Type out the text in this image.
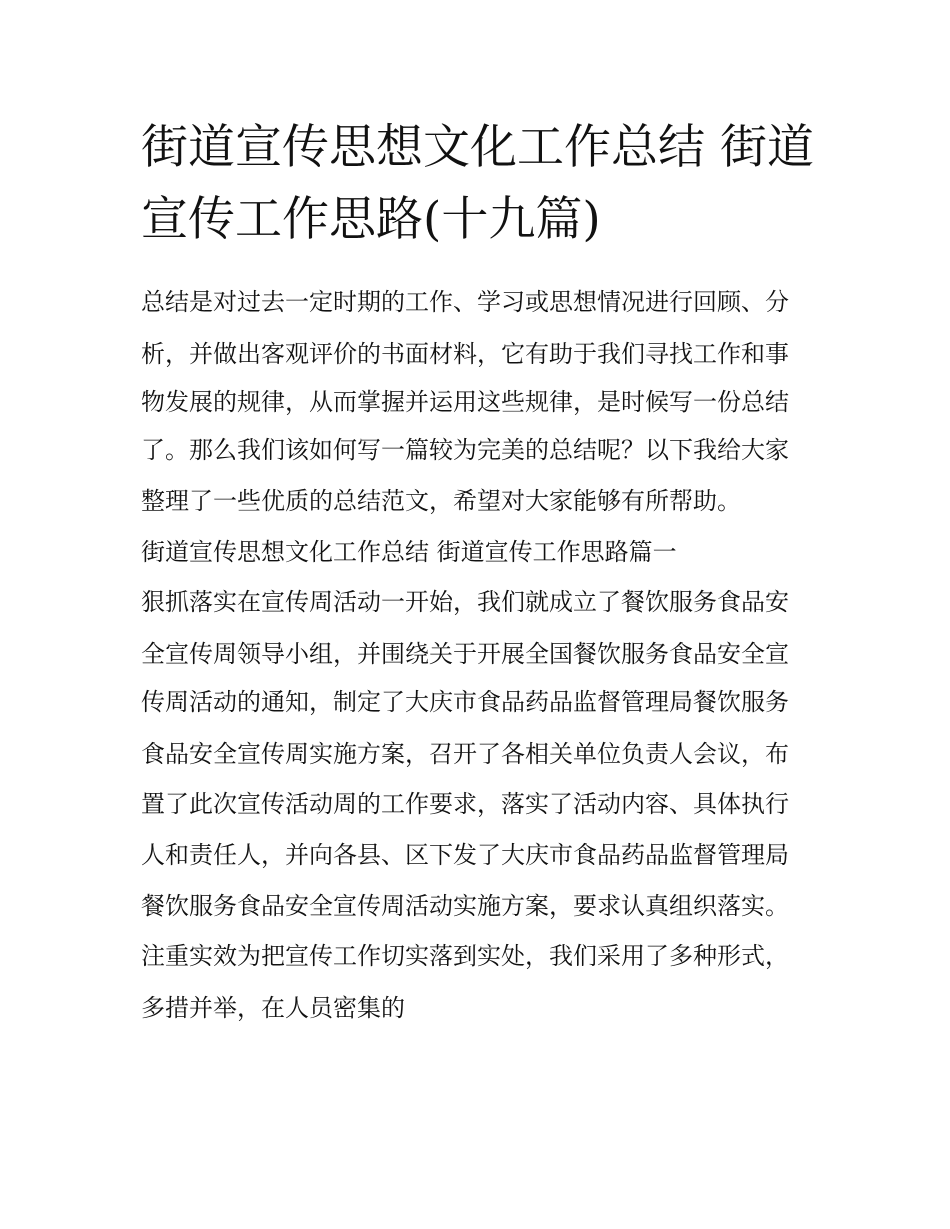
街道宣传思想文化工作总结 街道宣传工作思路(十九篇)

总结是对过去一定时期的工作、学习或思想情况进行回顾、分

析，并做出客观评价的书面材料，它有助于我们寻找工作和事

物发展的规律，从而掌握并运用这些规律，是时候写一份总结

了。那么我们该如何写一篇较为完美的总结呢？以下我给大家

整理了一些优质的总结范文，希望对大家能够有所帮助。

街道宣传思想文化工作总结 街道宣传工作思路篇一

狠抓落实在宣传周活动一开始，我们就成立了餐饮服务食品安

全宣传周领导小组，并围绕关于开展全国餐饮服务食品安全宣

传周活动的通知，制定了大庆市食品药品监督管理局餐饮服务

食品安全宣传周实施方案，召开了各相关单位负责人会议，布

置了此次宣传活动周的工作要求，落实了活动内容、具体执行

人和责任人，并向各县、区下发了大庆市食品药品监督管理局

餐饮服务食品安全宣传周活动实施方案，要求认真组织落实。

注重实效为把宣传工作切实落到实处，我们采用了多种形式，

多措并举，在人员密集的
